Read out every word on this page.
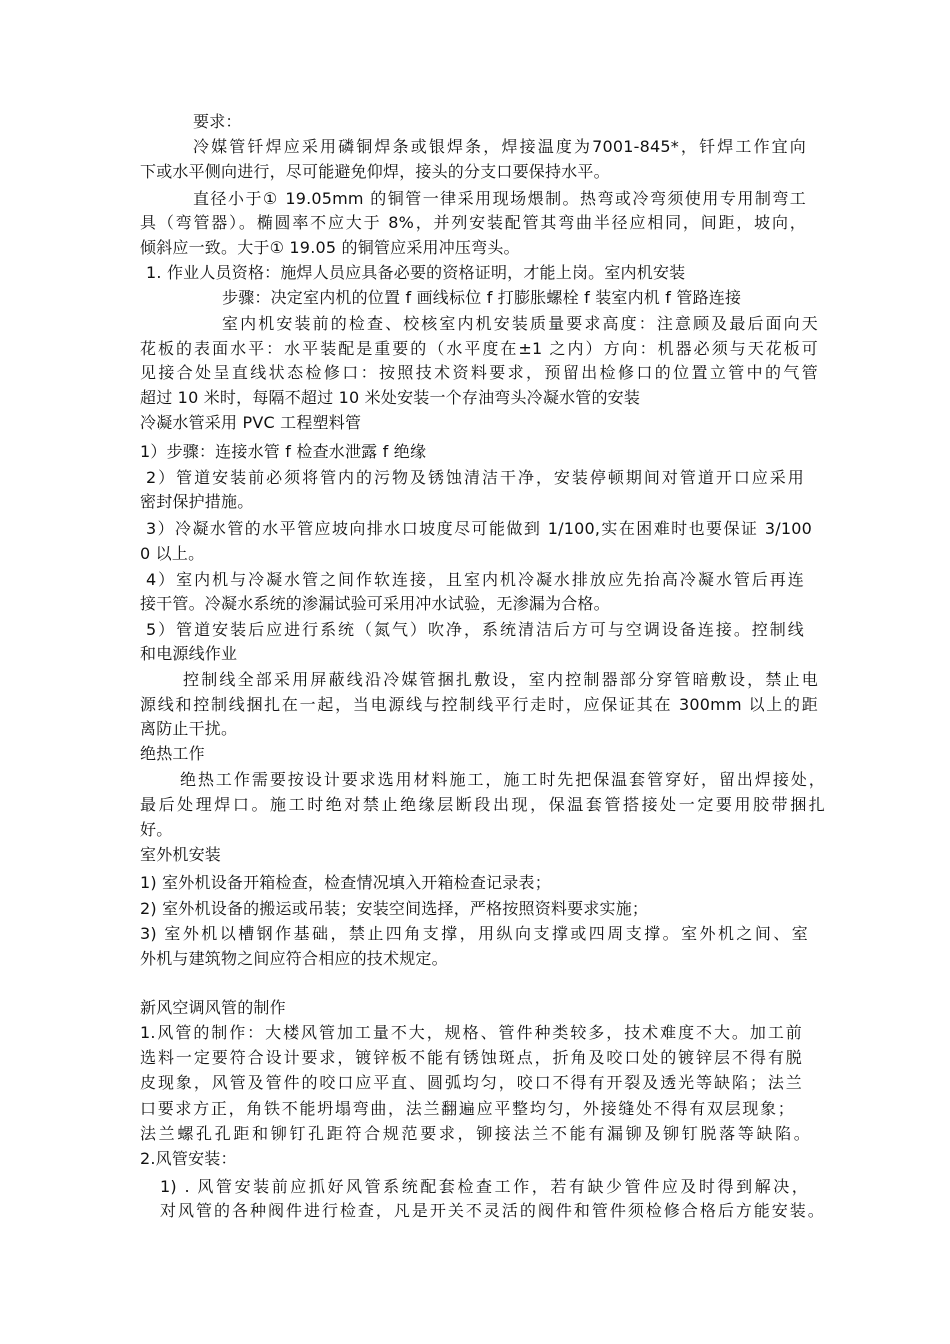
要求：
冷媒管钎焊应采用磷铜焊条或银焊条，焊接温度为7001-845*，钎焊工作宜向
下或水平侧向进行，尽可能避免仰焊，接头的分支口要保持水平。
直径小于① 19.05mm 的铜管一律采用现场煨制。热弯或冷弯须使用专用制弯工
具（弯管器）。椭圆率不应大于 8%，并列安装配管其弯曲半径应相同，间距，坡向，
倾斜应一致。大于① 19.05 的铜管应采用冲压弯头。
1. 作业人员资格：施焊人员应具备必要的资格证明，才能上岗。室内机安装
步骤：决定室内机的位置 f 画线标位 f 打膨胀螺栓 f 装室内机 f 管路连接
室内机安装前的检查、校核室内机安装质量要求高度：注意顾及最后面向天
花板的表面水平：水平装配是重要的（水平度在±1 之内）方向：机器必须与天花板可
见接合处呈直线状态检修口：按照技术资料要求，预留出检修口的位置立管中的气管
超过 10 米时，每隔不超过 10 米处安装一个存油弯头冷凝水管的安装
冷凝水管采用 PVC 工程塑料管
1）步骤：连接水管 f 检查水泄露 f 绝缘
2）管道安装前必须将管内的污物及锈蚀清洁干净，安装停顿期间对管道开口应采用
密封保护措施。
3）冷凝水管的水平管应坡向排水口坡度尽可能做到 1/100,实在困难时也要保证 3/100
0 以上。
4）室内机与冷凝水管之间作软连接，且室内机冷凝水排放应先抬高冷凝水管后再连
接干管。冷凝水系统的渗漏试验可采用冲水试验，无渗漏为合格。
5）管道安装后应进行系统（氮气）吹净，系统清洁后方可与空调设备连接。控制线
和电源线作业
控制线全部采用屏蔽线沿冷媒管捆扎敷设，室内控制器部分穿管暗敷设，禁止电
源线和控制线捆扎在一起，当电源线与控制线平行走时，应保证其在 300mm 以上的距
离防止干扰。
绝热工作
绝热工作需要按设计要求选用材料施工，施工时先把保温套管穿好，留出焊接处，
最后处理焊口。施工时绝对禁止绝缘层断段出现，保温套管搭接处一定要用胶带捆扎
好。
室外机安装
1) 室外机设备开箱检查，检查情况填入开箱检查记录表；
2) 室外机设备的搬运或吊装；安装空间选择，严格按照资料要求实施；
3) 室外机以槽钢作基础，禁止四角支撑，用纵向支撑或四周支撑。室外机之间、室
外机与建筑物之间应符合相应的技术规定。
新风空调风管的制作
1.风管的制作：大楼风管加工量不大，规格、管件种类较多，技术难度不大。加工前
选料一定要符合设计要求，镀锌板不能有锈蚀斑点，折角及咬口处的镀锌层不得有脱
皮现象，风管及管件的咬口应平直、圆弧均匀，咬口不得有开裂及透光等缺陷；法兰
口要求方正，角铁不能坍塌弯曲，法兰翻遍应平整均匀，外接缝处不得有双层现象；
法兰螺孔孔距和铆钉孔距符合规范要求，铆接法兰不能有漏铆及铆钉脱落等缺陷。
2.风管安装：
1) . 风管安装前应抓好风管系统配套检查工作，若有缺少管件应及时得到解决，
对风管的各种阀件进行检查，凡是开关不灵活的阀件和管件须检修合格后方能安装。
